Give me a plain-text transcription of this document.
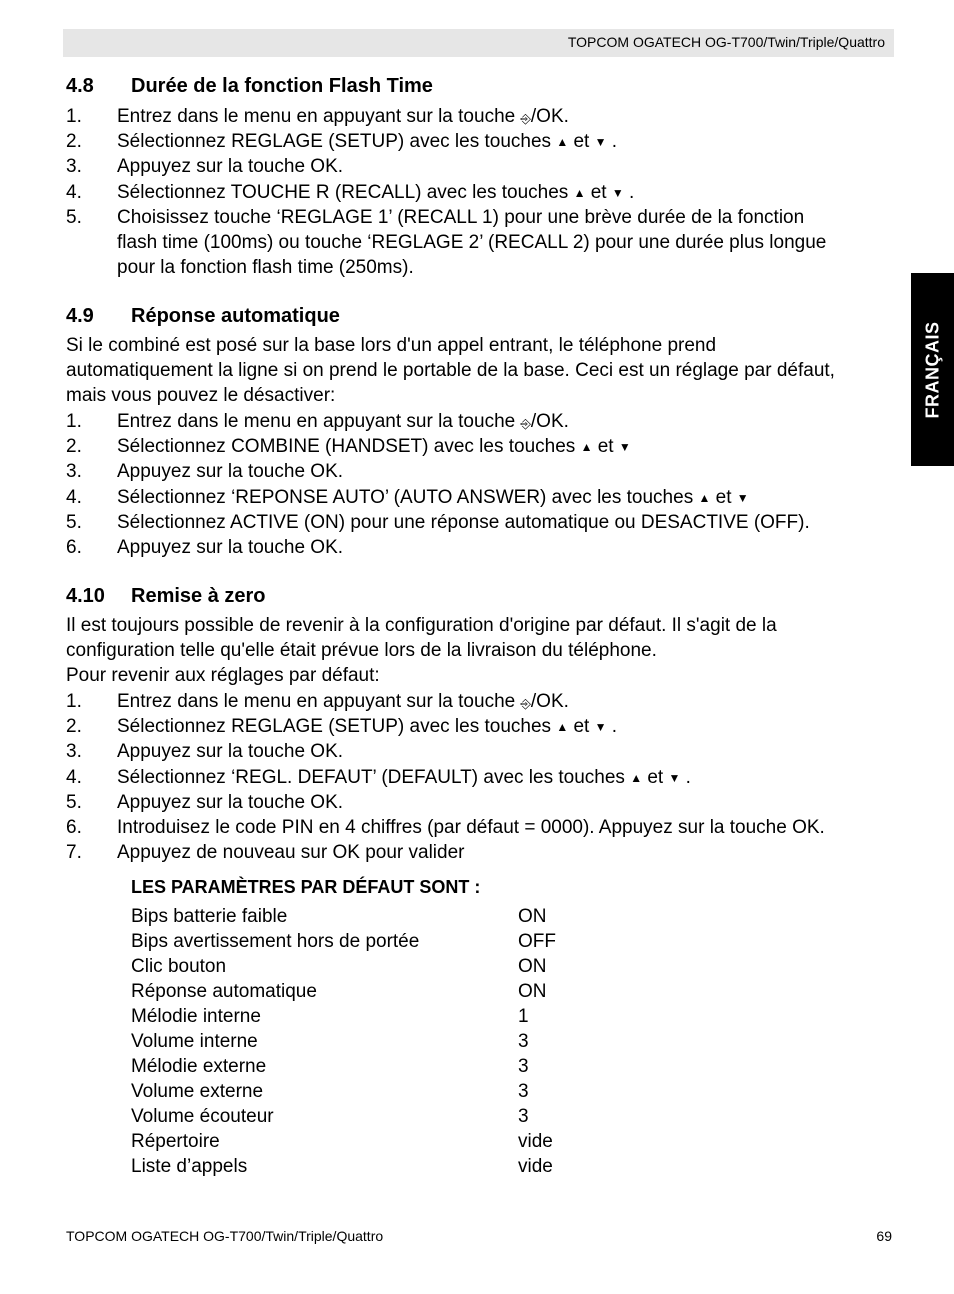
TOPCOM OGATECH OG-T700/Twin/Triple/Quattro
FRANÇAIS
4.8 Durée de la fonction Flash Time
1. Entrez dans le menu en appuyant sur la touche ⎆/OK.
2. Sélectionnez REGLAGE (SETUP) avec les touches ▲ et ▼ .
3. Appuyez sur la touche OK.
4. Sélectionnez TOUCHE R (RECALL) avec les touches ▲ et ▼ .
5. Choisissez touche ‘REGLAGE 1’ (RECALL 1) pour une brève durée de la fonction
flash time (100ms) ou touche ‘REGLAGE 2’ (RECALL 2) pour une durée plus longue
pour la fonction flash time (250ms).
4.9 Réponse automatique
Si le combiné est posé sur la base lors d'un appel entrant, le téléphone prend
automatiquement la ligne si on prend le portable de la base. Ceci est un réglage par défaut,
mais vous pouvez le désactiver:
1. Entrez dans le menu en appuyant sur la touche ⎆/OK.
2. Sélectionnez COMBINE (HANDSET) avec les touches ▲ et ▼
3. Appuyez sur la touche OK.
4. Sélectionnez ‘REPONSE AUTO’ (AUTO ANSWER) avec les touches ▲ et ▼
5. Sélectionnez ACTIVE (ON) pour une réponse automatique ou DESACTIVE (OFF).
6. Appuyez sur la touche OK.
4.10 Remise à zero
Il est toujours possible de revenir à la configuration d'origine par défaut. Il s'agit de la
configuration telle qu'elle était prévue lors de la livraison du téléphone.
Pour revenir aux réglages par défaut:
1. Entrez dans le menu en appuyant sur la touche ⎆/OK.
2. Sélectionnez REGLAGE (SETUP) avec les touches ▲ et ▼ .
3. Appuyez sur la touche OK.
4. Sélectionnez ‘REGL. DEFAUT’ (DEFAULT) avec les touches ▲ et ▼ .
5. Appuyez sur la touche OK.
6. Introduisez le code PIN en 4 chiffres (par défaut = 0000). Appuyez sur la touche OK.
7. Appuyez de nouveau sur OK pour valider
LES PARAMÈTRES PAR DÉFAUT SONT :
Bips batterie faible	ON
Bips avertissement hors de portée	OFF
Clic bouton	ON
Réponse automatique	ON
Mélodie interne	1
Volume interne	3
Mélodie externe	3
Volume externe	3
Volume écouteur	3
Répertoire	vide
Liste d’appels	vide
TOPCOM OGATECH OG-T700/Twin/Triple/Quattro	69
